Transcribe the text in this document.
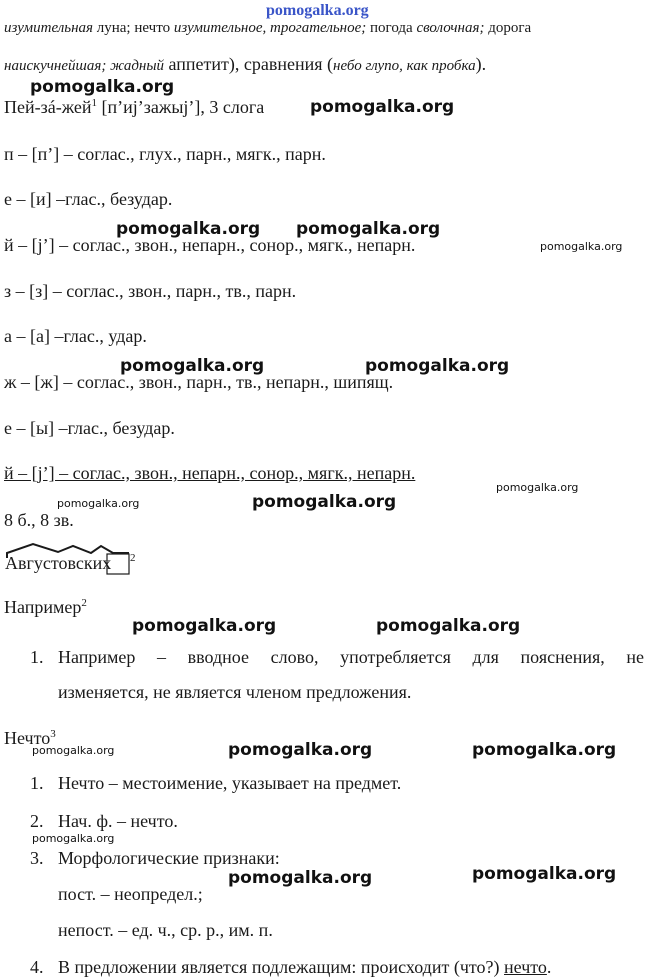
pomogalka.org
изумительная луна; нечто изумительное, трогательное; погода сволочная; дорога
наискучнейшая; жадный аппетит), сравнения (небо глупо, как пробка).
pomogalka.org
pomogalka.org
Пей-зá-жей$^1$ [п’иј’зажыј’], 3 слога
п – [п’] – соглас., глух., парн., мягк., парн.
е – [и] –глас., безудар.
pomogalka.org pomogalka.org
й – [j’] – соглас., звон., непарн., сонор., мягк., непарн.	pomogalka.org
з – [з] – соглас., звон., парн., тв., парн.
а – [а] –глас., удар.
pomogalka.org	pomogalka.org
ж – [ж] – соглас., звон., парн., тв., непарн., шипящ.
е – [ы] –глас., безудар.
й – [j’] – соглас., звон., непарн., сонор., мягк., непарн.
pomogalka.org
pomogalka.org	pomogalka.org
8 б., 8 зв.
Августовских 2
Например$^2$
pomogalka.org	pomogalka.org
1. Например – вводное слово, употребляется для пояснения, не
изменяется, не является членом предложения.
Нечто$^3$
pomogalka.org	pomogalka.org	pomogalka.org
1. Нечто – местоимение, указывает на предмет.
2. Нач. ф. – нечто.
pomogalka.org
3. Морфологические признаки:
pomogalka.org	pomogalka.org
пост. – неопредел.;
непост. – ед. ч., ср. р., им. п.
4. В предложении является подлежащим: происходит (что?) нечто.
